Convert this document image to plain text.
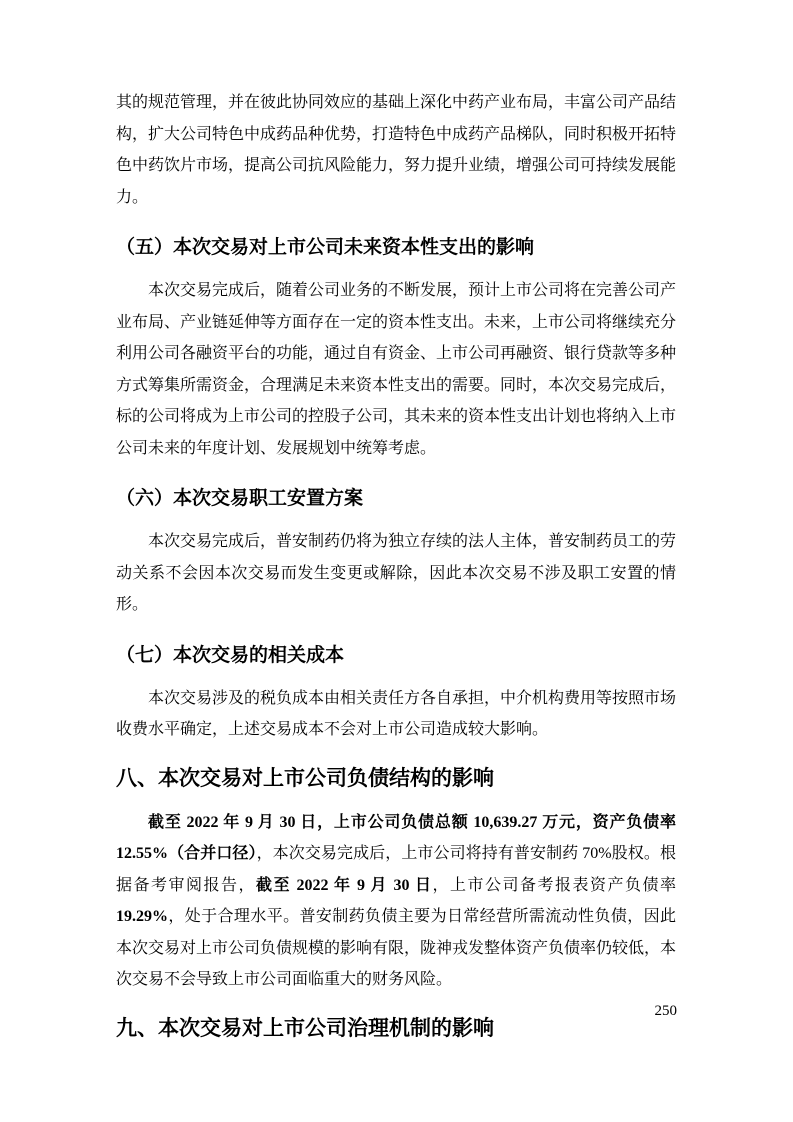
其的规范管理，并在彼此协同效应的基础上深化中药产业布局，丰富公司产品结构，扩大公司特色中成药品种优势，打造特色中成药产品梯队，同时积极开拓特色中药饮片市场，提高公司抗风险能力，努力提升业绩，增强公司可持续发展能力。

（五）本次交易对上市公司未来资本性支出的影响

本次交易完成后，随着公司业务的不断发展，预计上市公司将在完善公司产业布局、产业链延伸等方面存在一定的资本性支出。未来，上市公司将继续充分利用公司各融资平台的功能，通过自有资金、上市公司再融资、银行贷款等多种方式筹集所需资金，合理满足未来资本性支出的需要。同时，本次交易完成后，标的公司将成为上市公司的控股子公司，其未来的资本性支出计划也将纳入上市公司未来的年度计划、发展规划中统筹考虑。

（六）本次交易职工安置方案

本次交易完成后，普安制药仍将为独立存续的法人主体，普安制药员工的劳动关系不会因本次交易而发生变更或解除，因此本次交易不涉及职工安置的情形。

（七）本次交易的相关成本

本次交易涉及的税负成本由相关责任方各自承担，中介机构费用等按照市场收费水平确定，上述交易成本不会对上市公司造成较大影响。

八、本次交易对上市公司负债结构的影响

截至 2022 年 9 月 30 日，上市公司负债总额 10,639.27 万元，资产负债率 12.55%（合并口径），本次交易完成后，上市公司将持有普安制药 70%股权。根据备考审阅报告，截至 2022 年 9 月 30 日，上市公司备考报表资产负债率19.29%，处于合理水平。普安制药负债主要为日常经营所需流动性负债，因此本次交易对上市公司负债规模的影响有限，陇神戎发整体资产负债率仍较低，本次交易不会导致上市公司面临重大的财务风险。

九、本次交易对上市公司治理机制的影响
250
